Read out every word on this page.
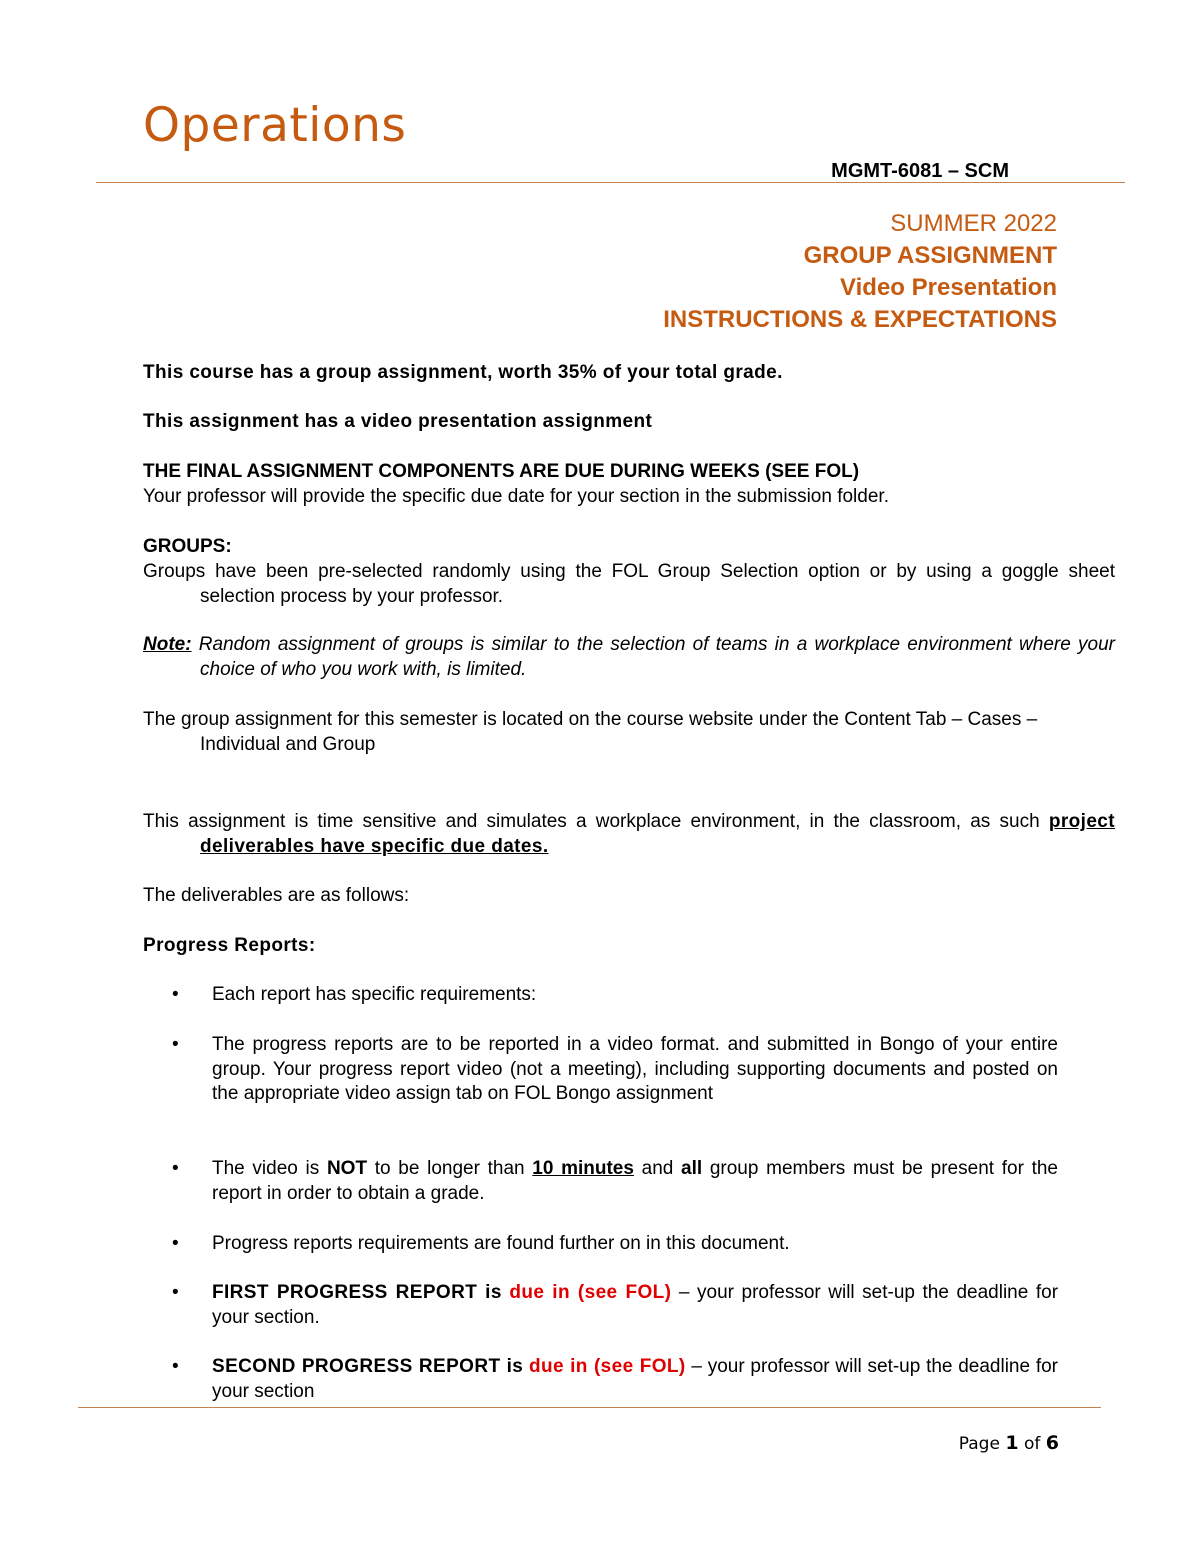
Operations
MGMT-6081 – SCM
SUMMER 2022
GROUP ASSIGNMENT
Video Presentation
INSTRUCTIONS & EXPECTATIONS
This course has a group assignment, worth 35% of your total grade.
This assignment has a video presentation assignment
THE FINAL ASSIGNMENT COMPONENTS ARE DUE DURING WEEKS (SEE FOL)
Your professor will provide the specific due date for your section in the submission folder.
GROUPS:
Groups have been pre-selected randomly using the FOL Group Selection option or by using a goggle sheet selection process by your professor.
Note: Random assignment of groups is similar to the selection of teams in a workplace environment where your choice of who you work with, is limited.
The group assignment for this semester is located on the course website under the Content Tab – Cases – Individual and Group
This assignment is time sensitive and simulates a workplace environment, in the classroom, as such project deliverables have specific due dates.
The deliverables are as follows:
Progress Reports:
• Each report has specific requirements:
• The progress reports are to be reported in a video format. and submitted in Bongo of your entire group. Your progress report video (not a meeting), including supporting documents and posted on the appropriate video assign tab on FOL Bongo assignment
• The video is NOT to be longer than 10 minutes and all group members must be present for the report in order to obtain a grade.
• Progress reports requirements are found further on in this document.
• FIRST PROGRESS REPORT is due in (see FOL) – your professor will set-up the deadline for your section.
• SECOND PROGRESS REPORT is due in (see FOL) – your professor will set-up the deadline for your section
Page 1 of 6
